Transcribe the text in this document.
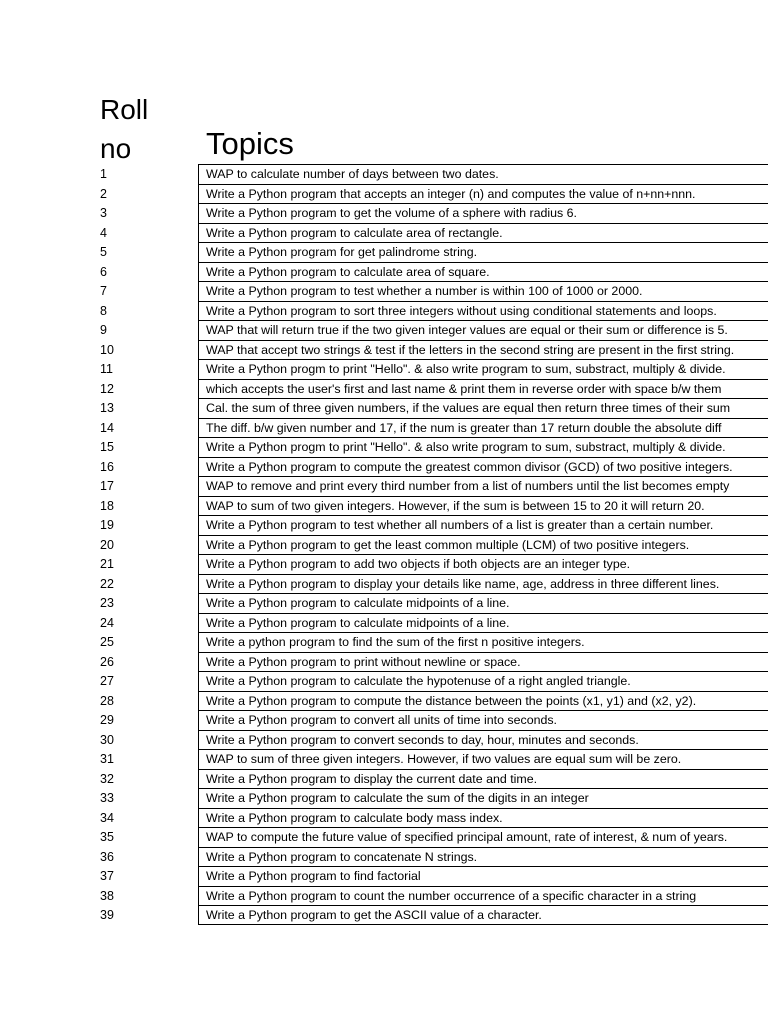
Roll
no	Topics
1	WAP to calculate number of days between two dates.
2	Write a Python program that accepts an integer (n) and computes the value of n+nn+nnn.
3	Write a Python program to get the volume of a sphere with radius 6.
4	Write a Python program to calculate area of rectangle.
5	Write a Python program for get palindrome string.
6	Write a Python program to calculate area of square.
7	Write a Python program to test whether a number is within 100 of 1000 or 2000.
8	Write a Python program to sort three integers without using conditional statements and loops.
9	WAP that will return true if the two given integer values are equal or their sum or difference is 5.
10	WAP that accept two strings & test if the letters in the second string are present in the first string.
11	Write a Python progm to print "Hello". & also write program to sum, substract, multiply & divide.
12	which accepts the user's first and last name & print them in reverse order with space b/w them
13	Cal. the sum of three given numbers, if the values are equal then return three times of their sum
14	The diff. b/w given number and 17, if the num is greater than 17 return double the absolute diff
15	Write a Python progm to print "Hello". & also write program to sum, substract, multiply & divide.
16	Write a Python program to compute the greatest common divisor (GCD) of two positive integers.
17	WAP to remove and print every third number from a list of numbers until the list becomes empty
18	WAP to sum of two given integers. However, if the sum is between 15 to 20 it will return 20.
19	Write a Python program to test whether all numbers of a list is greater than a certain number.
20	Write a Python program to get the least common multiple (LCM) of two positive integers.
21	Write a Python program to add two objects if both objects are an integer type.
22	Write a Python program to display your details like name, age, address in three different lines.
23	Write a Python program to calculate midpoints of a line.
24	Write a Python program to calculate midpoints of a line.
25	Write a python program to find the sum of the first n positive integers.
26	Write a Python program to print without newline or space.
27	Write a Python program to calculate the hypotenuse of a right angled triangle.
28	Write a Python program to compute the distance between the points (x1, y1) and (x2, y2).
29	Write a Python program to convert all units of time into seconds.
30	Write a Python program to convert seconds to day, hour, minutes and seconds.
31	WAP to sum of three given integers. However, if two values are equal sum will be zero.
32	Write a Python program to display the current date and time.
33	Write a Python program to calculate the sum of the digits in an integer
34	Write a Python program to calculate body mass index.
35	WAP to compute the future value of specified principal amount, rate of interest, & num of years.
36	Write a Python program to concatenate N strings.
37	Write a Python program to find factorial
38	Write a Python program to count the number occurrence of a specific character in a string
39	Write a Python program to get the ASCII value of a character.
